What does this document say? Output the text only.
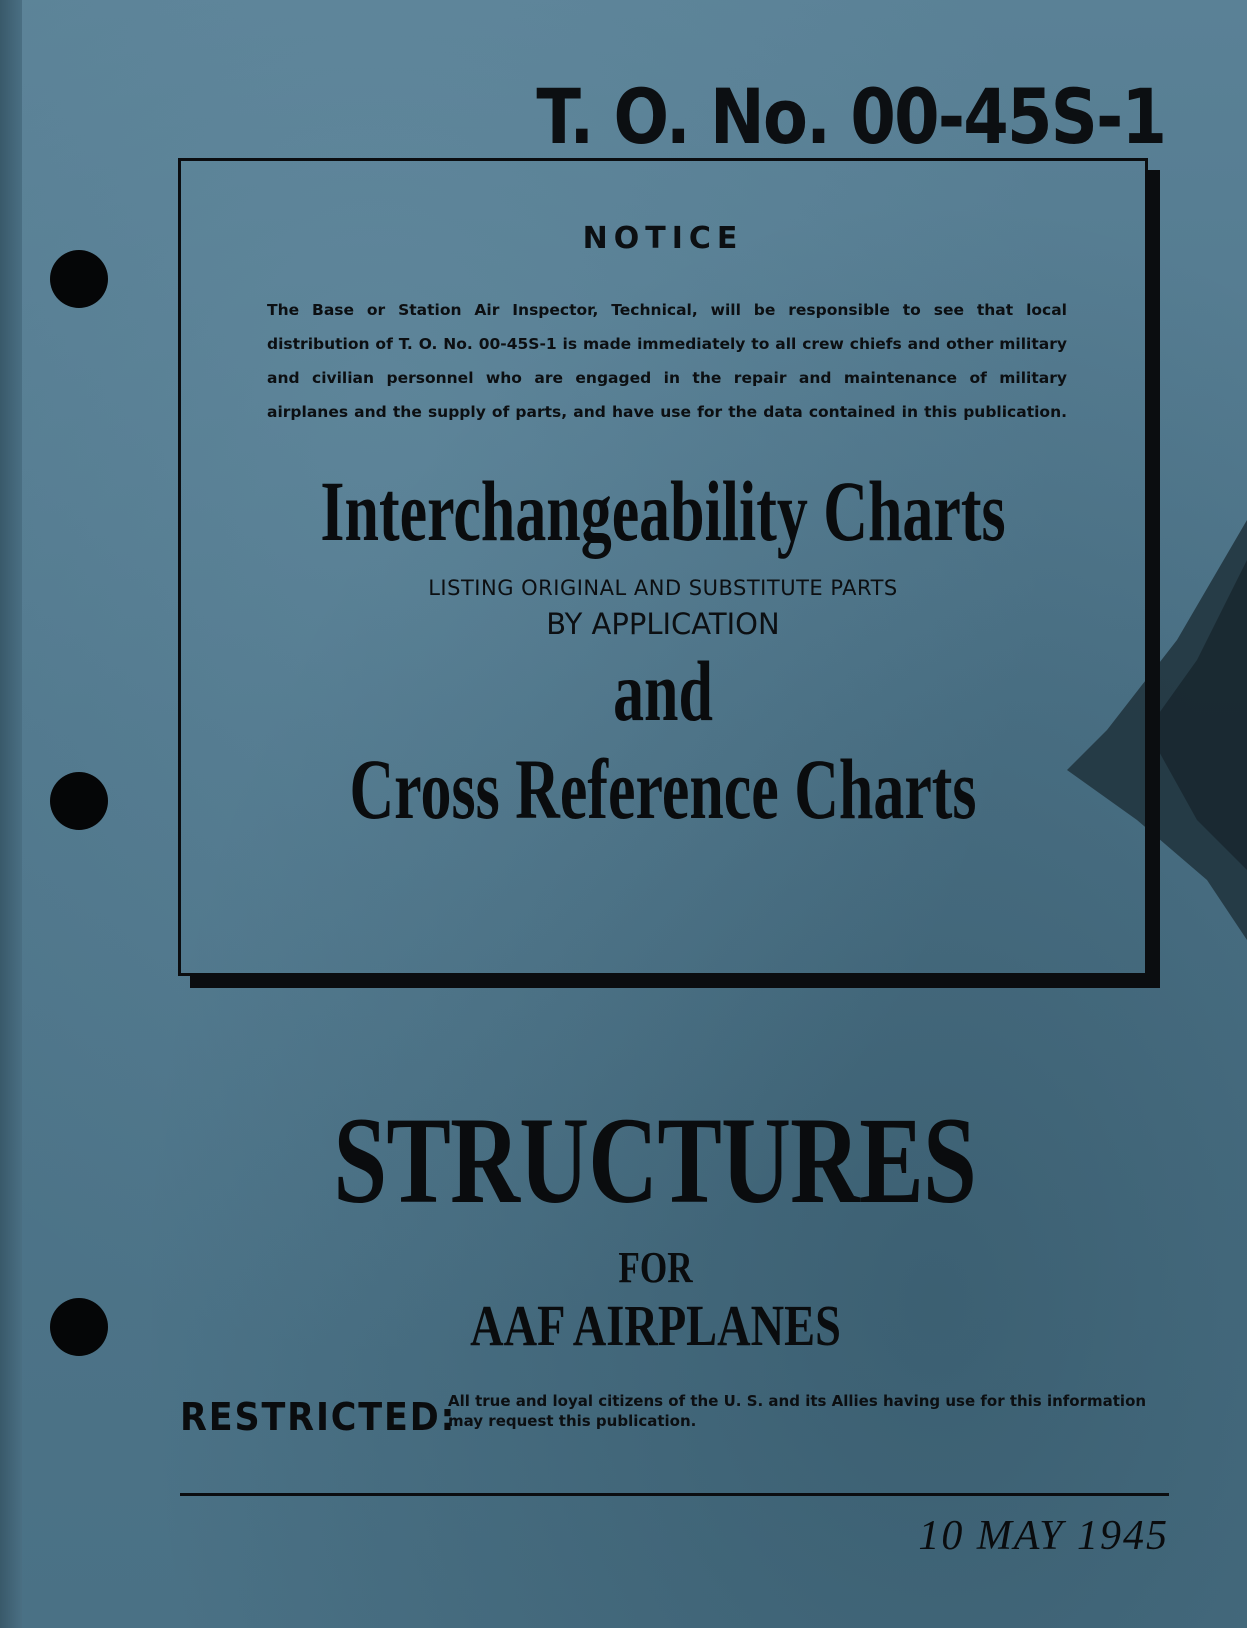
T. O. No. 00-45S-1
NOTICE
The Base or Station Air Inspector, Technical, will be responsible to see that local distribution of T. O. No. 00-45S-1 is made immediately to all crew chiefs and other military and civilian personnel who are engaged in the repair and maintenance of military airplanes and the supply of parts, and have use for the data contained in this publication.
Interchangeability Charts
LISTING ORIGINAL AND SUBSTITUTE PARTS
BY APPLICATION
and
Cross Reference Charts
STRUCTURES
FOR
AAF AIRPLANES
RESTRICTED:
All true and loyal citizens of the U. S. and its Allies having use for this information may request this publication.
10 MAY 1945
